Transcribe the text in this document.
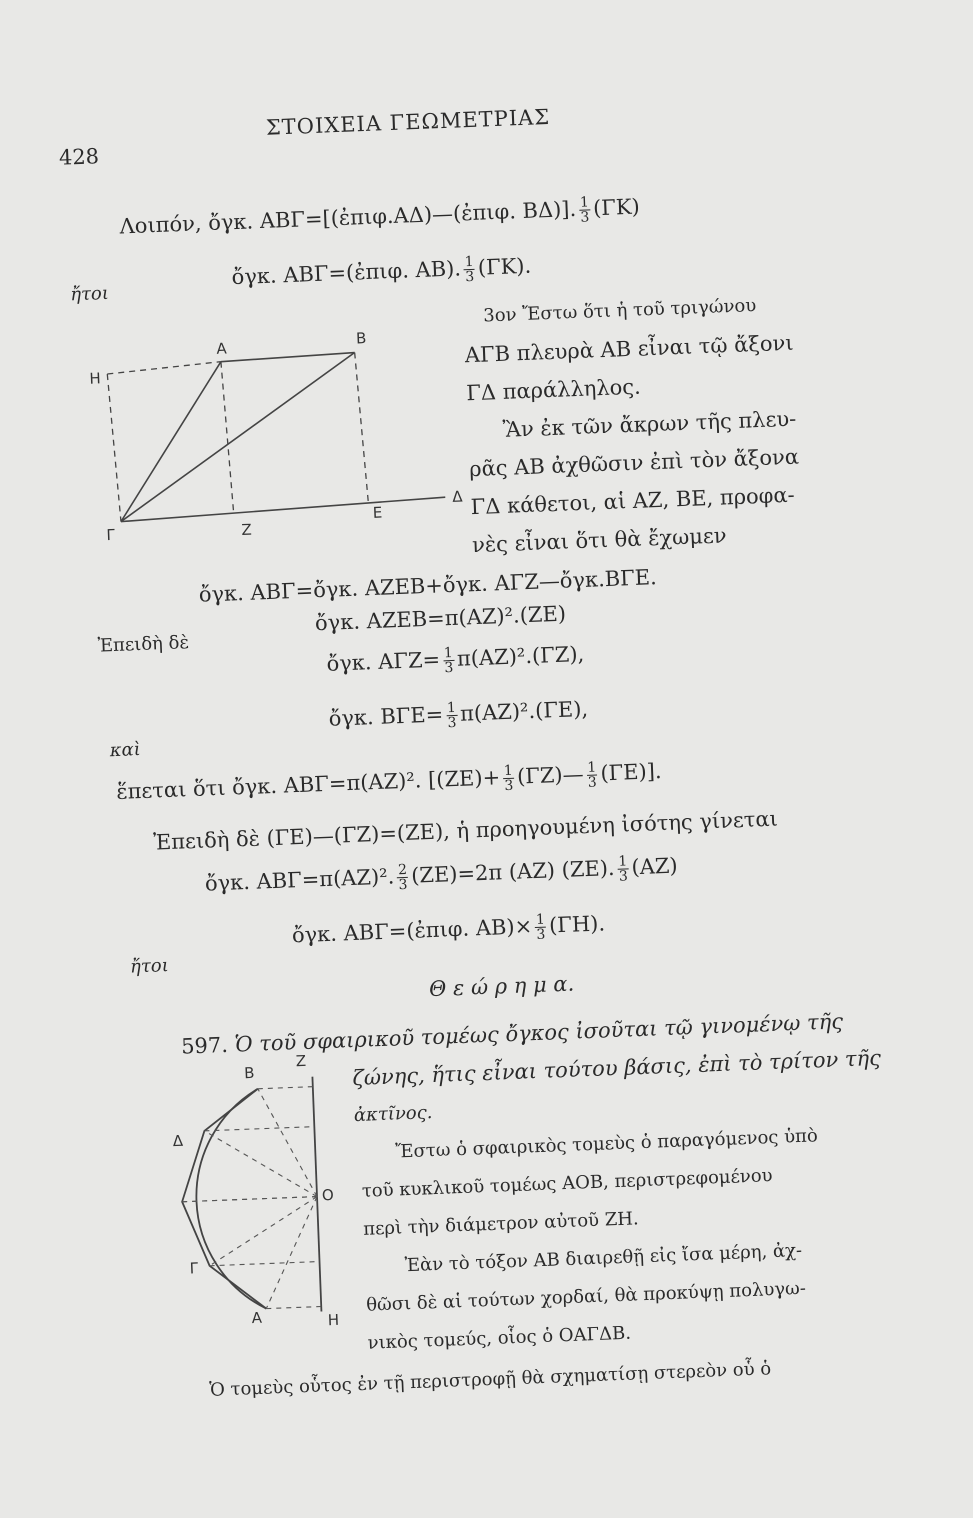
428
ΣΤΟΙΧΕΙΑ ΓΕΩΜΕΤΡΙΑΣ
Λοιπόν, ὄγκ. ΑΒΓ=[(ἐπιφ.ΑΔ)—(ἐπιφ. ΒΔ)]. $\frac{1}{3} (\Gamma K)$
ἤτοι
ὄγκ. ΑΒΓ=(ἐπιφ. ΑΒ). $\frac{1}{3} (\Gamma K)$.
3ον Ἔστω ὅτι ἡ τοῦ τριγώνου
ΑΓΒ πλευρὰ ΑΒ εἶναι τῷ ἄξονι
ΓΔ παράλληλος.
Ἂν ἐκ τῶν ἄκρων τῆς πλευ-
ρᾶς ΑΒ ἀχθῶσιν ἐπὶ τὸν ἄξονα
ΓΔ κάθετοι, αἱ ΑΖ, ΒΕ, προφα-
νὲς εἶναι ὅτι θὰ ἔχωμεν
Α
Β
Η
Δ
Γ	Ζ
Ε
ὄγκ. ΑΒΓ=ὄγκ. ΑΖΕΒ+ὄγκ. ΑΓΖ—ὄγκ.ΒΓΕ.
Ἐπειδὴ δὲ
ὄγκ. ΑΖΕΒ=π(ΑΖ)².(ΖΕ)
ὄγκ. $A\Gamma Z= \frac{1}{3} \pi(AZ)^2.(\Gamma Z)$,
καὶ
ὄγκ. $B\Gamma E= \frac{1}{3} \pi(AZ)^2.(\Gamma E)$,
ἕπεται ὅτι ὄγκ. ΑΒΓ=π(ΑΖ)². [$(ZE)+ \frac{1}{3}$ (ΓΖ)— $\frac{1}{3} (\Gamma E)$].
Ἐπειδὴ δὲ (ΓΕ)—(ΓΖ)=(ΖΕ), ἡ προηγουμένη ἰσότης γίνεται
ὄγκ. ΑΒΓ=π(ΑΖ)². $\frac{2}{3} (ZE)=2\pi$ (ΑΖ) (ΖΕ). $\frac{1}{3} (AZ)$
ἤτοι
ὄγκ. ΑΒΓ=(ἐπιφ. $AB)\times \frac{1}{3} (\Gamma H)$.
Θ ε ώ ρ η μ α.
597. Ὁ τοῦ σφαιρικοῦ τομέως ὄγκος ἰσοῦται τῷ γινομένῳ τῆς
ζώνης, ἥτις εἶναι τούτου βάσις, ἐπὶ τὸ τρίτον τῆς
ἀκτῖνος.
Ἔστω ὁ σφαιρικὸς τομεὺς ὁ παραγόμενος ὑπὸ
τοῦ κυκλικοῦ τομέως ΑΟΒ, περιστρεφομένου
περὶ τὴν διάμετρον αὐτοῦ ΖΗ.
Ἐὰν τὸ τόξον ΑΒ διαιρεθῇ εἰς ἴσα μέρη, ἀχ-
θῶσι δὲ αἱ τούτων χορδαί, θὰ προκύψῃ πολυγω-
νικὸς τομεύς, οἷος ὁ ΟΑΓΔΒ.
Ὁ τομεὺς οὗτος ἐν τῇ περιστροφῇ θὰ σχηματίσῃ στερεὸν οὗ ὁ
Β
Ζ
Δ
Ο
Γ
Α	Η
